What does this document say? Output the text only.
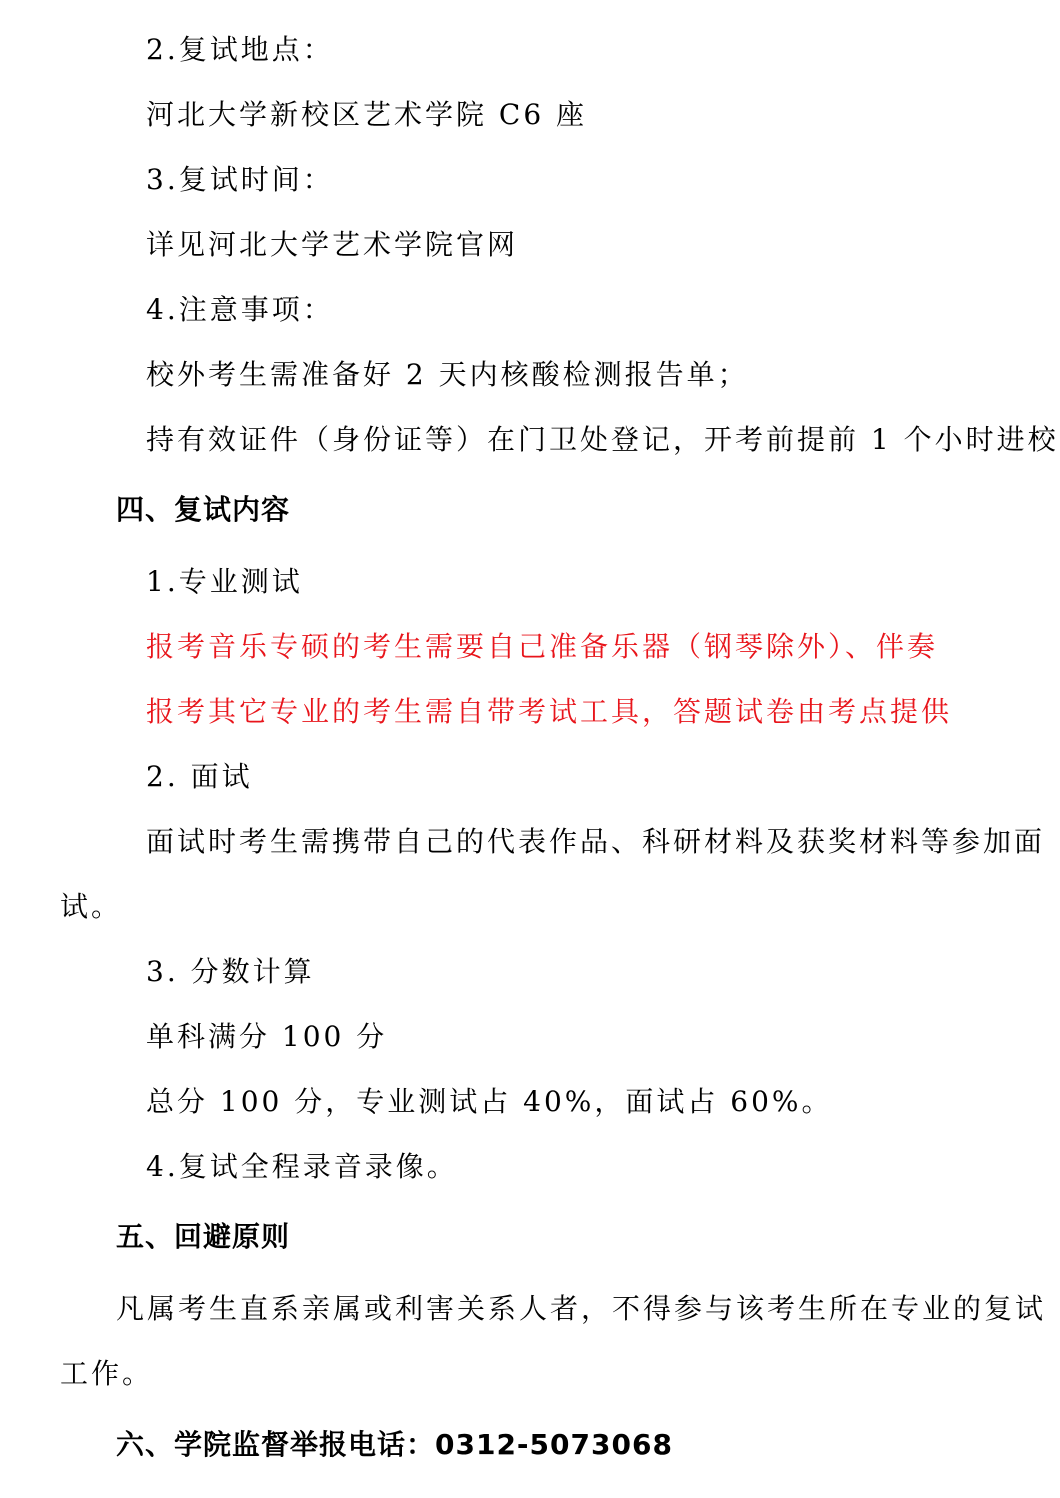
2.复试地点：
河北大学新校区艺术学院 C6 座
3.复试时间：
详见河北大学艺术学院官网
4.注意事项：
校外考生需准备好 2 天内核酸检测报告单；
持有效证件（身份证等）在门卫处登记，开考前提前 1 个小时进校
四、复试内容
1.专业测试
报考音乐专硕的考生需要自己准备乐器（钢琴除外）、伴奏
报考其它专业的考生需自带考试工具，答题试卷由考点提供
2. 面试
面试时考生需携带自己的代表作品、科研材料及获奖材料等参加面
试。
3. 分数计算
单科满分 100 分
总分 100 分，专业测试占 40%，面试占 60%。
4.复试全程录音录像。
五、回避原则
凡属考生直系亲属或利害关系人者，不得参与该考生所在专业的复试
工作。
六、学院监督举报电话：0312-5073068
